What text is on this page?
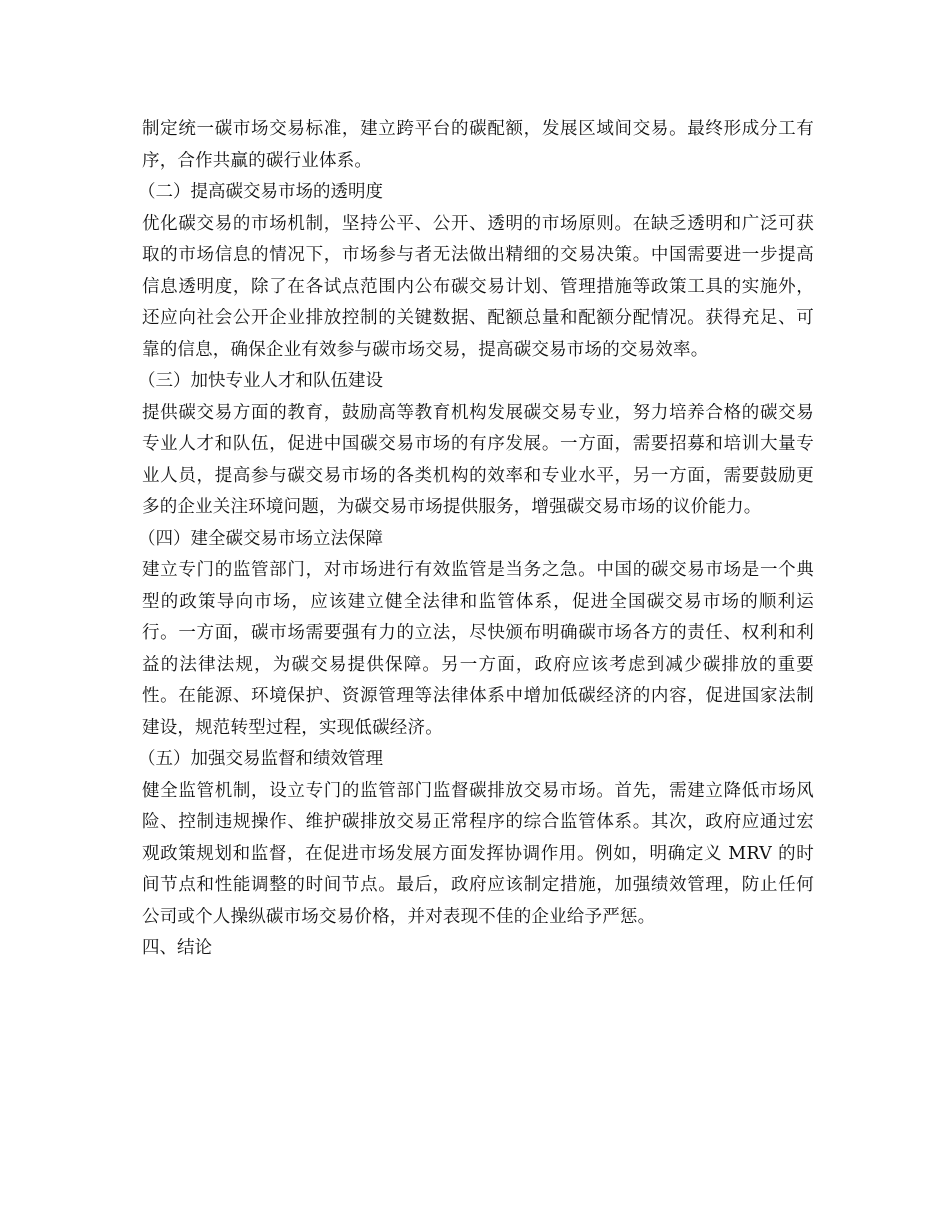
制定统一碳市场交易标准，建立跨平台的碳配额，发展区域间交易。最终形成分工有序，合作共赢的碳行业体系。

（二）提高碳交易市场的透明度

优化碳交易的市场机制，坚持公平、公开、透明的市场原则。在缺乏透明和广泛可获取的市场信息的情况下，市场参与者无法做出精细的交易决策。中国需要进一步提高信息透明度，除了在各试点范围内公布碳交易计划、管理措施等政策工具的实施外，还应向社会公开企业排放控制的关键数据、配额总量和配额分配情况。获得充足、可靠的信息，确保企业有效参与碳市场交易，提高碳交易市场的交易效率。

（三）加快专业人才和队伍建设

提供碳交易方面的教育，鼓励高等教育机构发展碳交易专业，努力培养合格的碳交易专业人才和队伍，促进中国碳交易市场的有序发展。一方面，需要招募和培训大量专业人员，提高参与碳交易市场的各类机构的效率和专业水平，另一方面，需要鼓励更多的企业关注环境问题，为碳交易市场提供服务，增强碳交易市场的议价能力。

（四）建全碳交易市场立法保障

建立专门的监管部门，对市场进行有效监管是当务之急。中国的碳交易市场是一个典型的政策导向市场，应该建立健全法律和监管体系，促进全国碳交易市场的顺利运行。一方面，碳市场需要强有力的立法，尽快颁布明确碳市场各方的责任、权利和利益的法律法规，为碳交易提供保障。另一方面，政府应该考虑到减少碳排放的重要性。在能源、环境保护、资源管理等法律体系中增加低碳经济的内容，促进国家法制建设，规范转型过程，实现低碳经济。

（五）加强交易监督和绩效管理

健全监管机制，设立专门的监管部门监督碳排放交易市场。首先，需建立降低市场风险、控制违规操作、维护碳排放交易正常程序的综合监管体系。其次，政府应通过宏观政策规划和监督，在促进市场发展方面发挥协调作用。例如，明确定义 MRV 的时间节点和性能调整的时间节点。最后，政府应该制定措施，加强绩效管理，防止任何公司或个人操纵碳市场交易价格，并对表现不佳的企业给予严惩。

四、结论
